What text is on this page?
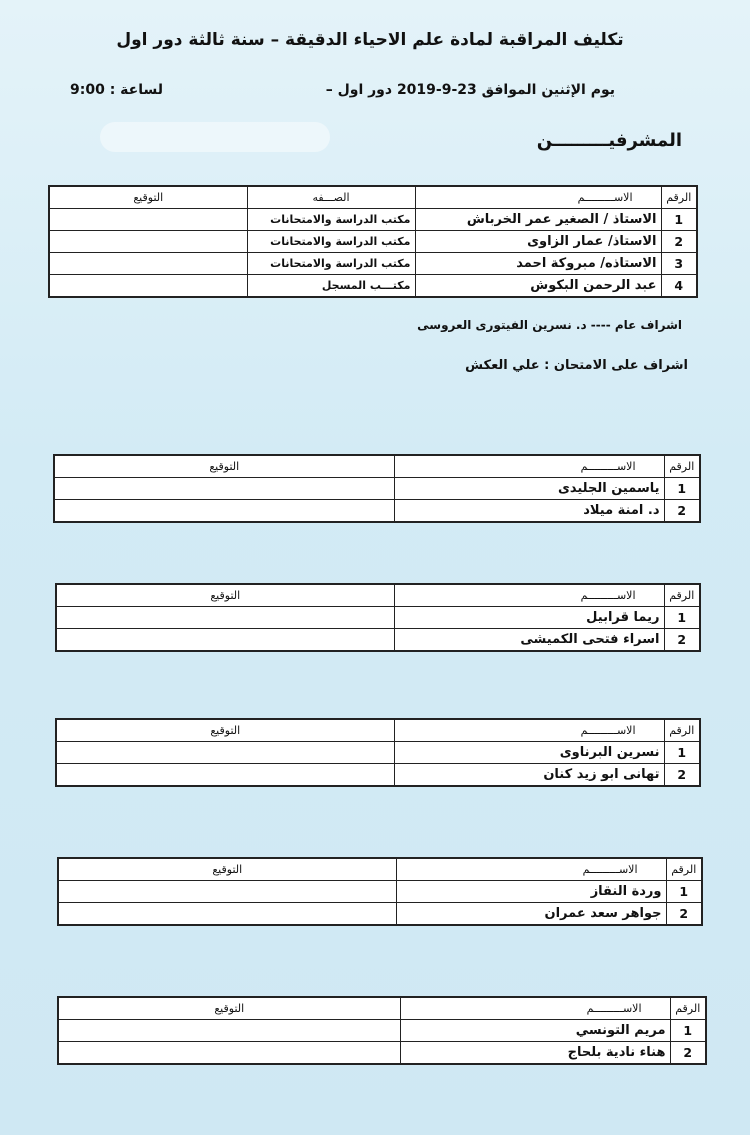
تكليف المراقبة لمادة علم الاحياء الدقيقة – سنة ثالثة دور اول
يوم الإثنين الموافق 23-9-2019 دور اول –
لساعة : 9:00
المشرفيـــــــــن
الرقم	الاســـــــــم	الصـــفه	التوقيع
1	الاستاذ / الصغير عمر الخرباش	مكتب الدراسة والامتحانات	
2	الاستاذ/ عمار الزاوى	مكتب الدراسة والامتحانات	
3	الاستاذه/ مبروكة احمد	مكتب الدراسة والامتحانات	
4	عبد الرحمن البكوش	مكتـــب المسجل	
اشراف عام ---- د. نسرين الفيتورى العروسى
اشراف على الامتحان : علي العكش
الرقم	الاســـــــــم	التوقيع
1	ياسمين الجليدى	
2	د. امنة ميلاد	
الرقم	الاســـــــــم	التوقيع
1	ريما قرابيل	
2	اسراء فتحى الكميشى	
الرقم	الاســـــــــم	التوقيع
1	نسرين البرناوى	
2	تهانى ابو زيد كنان	
الرقم	الاســـــــــم	التوقيع
1	وردة النقاز	
2	جواهر سعد عمران	
الرقم	الاســـــــــم	التوقيع
1	مريم التونسي	
2	هناء نادية بلحاج	
